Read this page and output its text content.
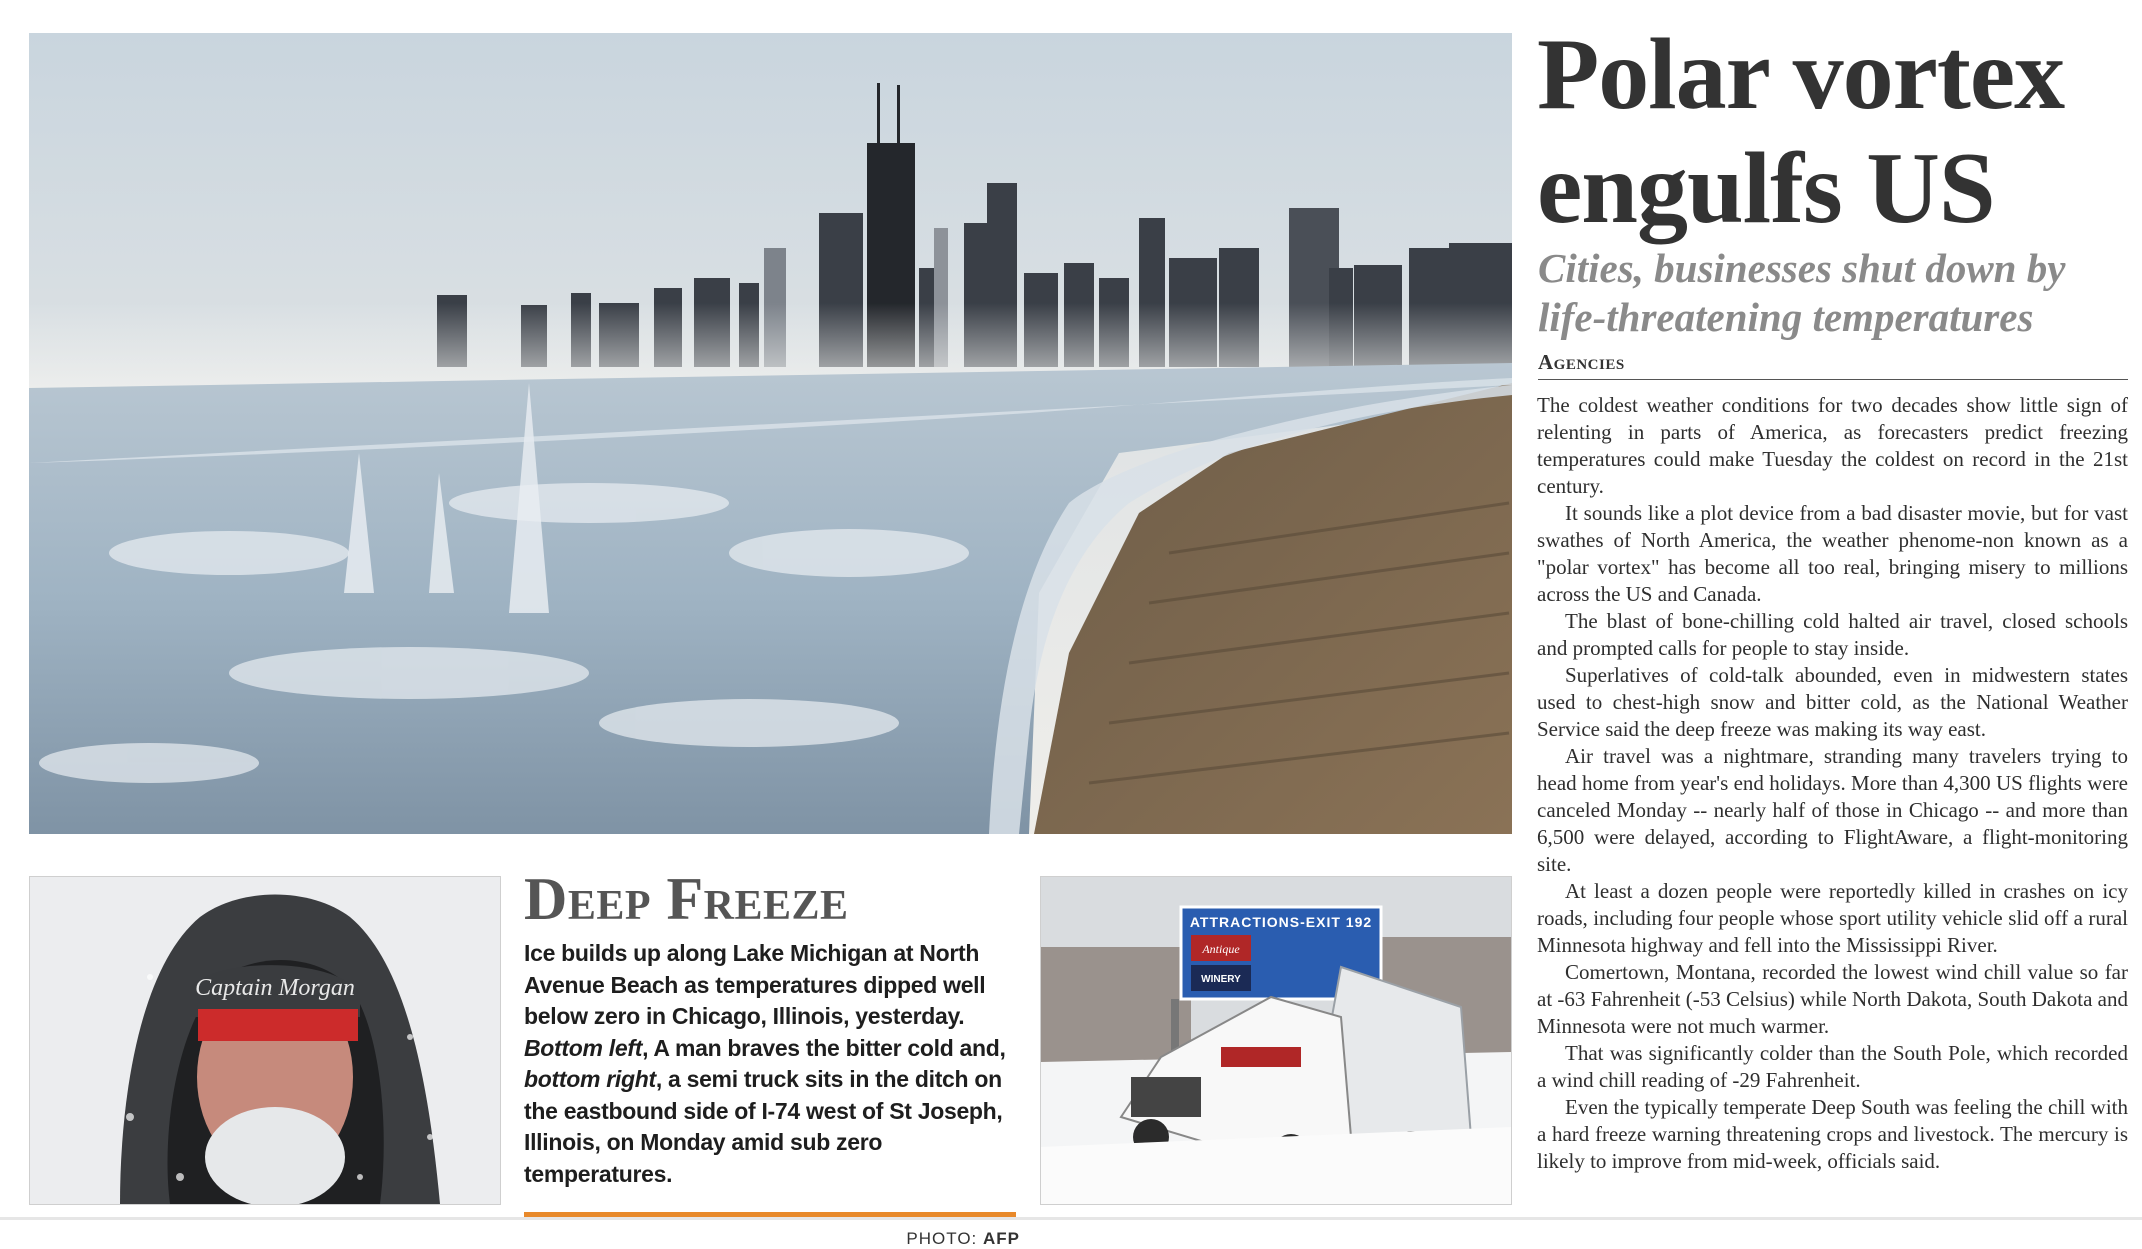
Captain Morgan
Deep Freeze
Ice builds up along Lake Michigan at North Avenue Beach as temperatures dipped well below zero in Chicago, Illinois, yesterday. Bottom left, A man braves the bitter cold and, bottom right, a semi truck sits in the ditch on the eastbound side of I-74 west of St Joseph, Illinois, on Monday amid sub zero temperatures.
PHOTO: AFP
ATTRACTIONS-EXIT 192
Antique
WINERY
Polar vortex
engulfs US
Cities, businesses shut down by
life-threatening temperatures
Agencies

The coldest weather conditions for two decades show little sign of relenting in parts of America, as forecasters predict freezing temperatures could make Tuesday the coldest on record in the 21st century.

It sounds like a plot device from a bad disaster movie, but for vast swathes of North America, the weather phenome-non known as a "polar vortex" has become all too real, bringing misery to millions across the US and Canada.

The blast of bone-chilling cold halted air travel, closed schools and prompted calls for people to stay inside.

Superlatives of cold-talk abounded, even in midwestern states used to chest-high snow and bitter cold, as the National Weather Service said the deep freeze was making its way east.

Air travel was a nightmare, stranding many travelers trying to head home from year's end holidays. More than 4,300 US flights were canceled Monday -- nearly half of those in Chicago -- and more than 6,500 were delayed, according to FlightAware, a flight-monitoring site.

At least a dozen people were reportedly killed in crashes on icy roads, including four people whose sport utility vehicle slid off a rural Minnesota highway and fell into the Mississippi River.

Comertown, Montana, recorded the lowest wind chill value so far at -63 Fahrenheit (-53 Celsius) while North Dakota, South Dakota and Minnesota were not much warmer.

That was significantly colder than the South Pole, which recorded a wind chill reading of -29 Fahrenheit.

Even the typically temperate Deep South was feeling the chill with a hard freeze warning threatening crops and livestock. The mercury is likely to improve from mid-week, officials said.
